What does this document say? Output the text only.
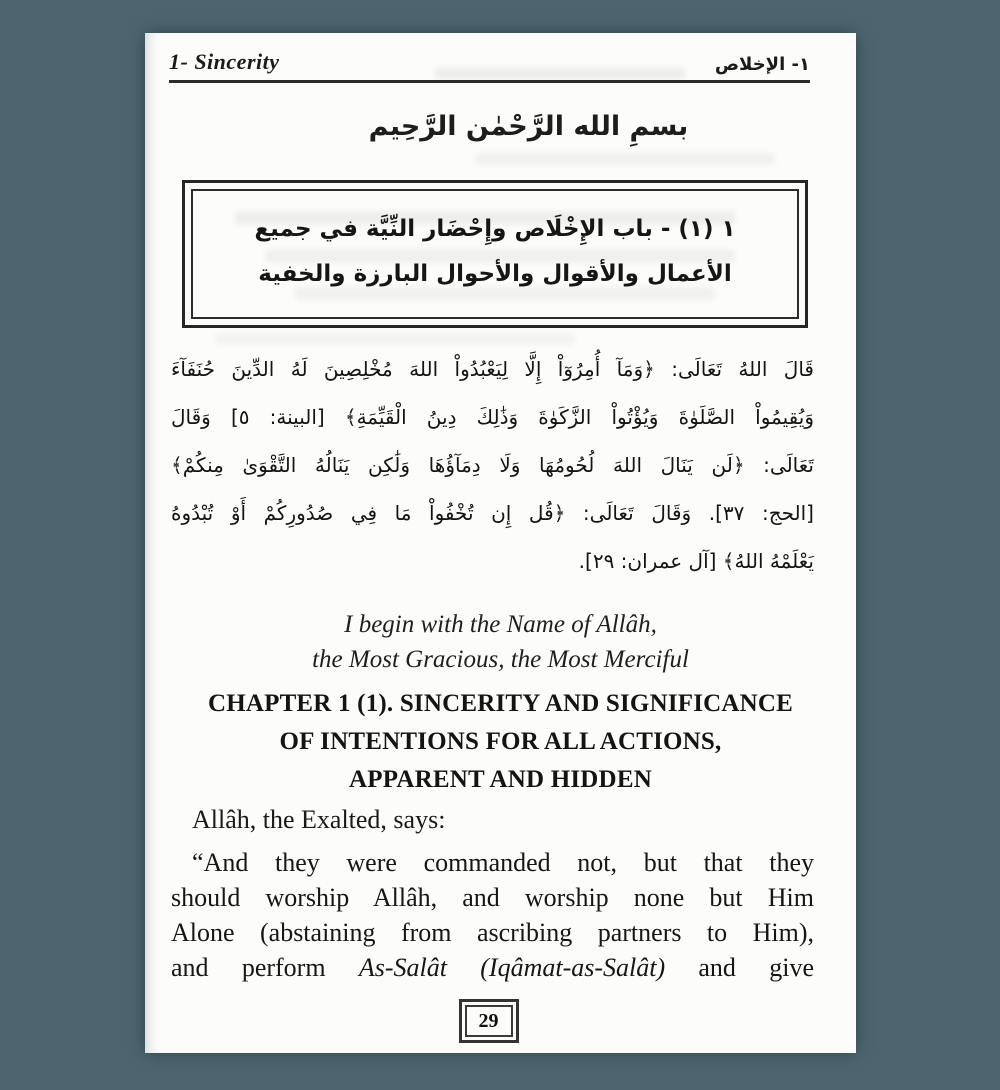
1- Sincerity	١- الإخلاص
بسمِ الله الرَّحْمٰن الرَّحِيم
١ (١) - باب الإِخْلَاص وإِحْضَار النِّيَّة في جميع
الأعمال والأقوال والأحوال البارزة والخفية
قَالَ اللهُ تَعَالَى: ﴿وَمَآ أُمِرُوٓاْ إِلَّا لِيَعْبُدُواْ اللهَ مُخْلِصِينَ لَهُ الدِّينَ حُنَفَآءَ
وَيُقِيمُواْ الصَّلَوٰةَ وَيُؤْتُواْ الزَّكَوٰةَ وَذَٰلِكَ دِينُ الْقَيِّمَةِ﴾ [البينة: ٥] وَقَالَ
تَعَالَى: ﴿لَن يَنَالَ اللهَ لُحُومُهَا وَلَا دِمَآؤُهَا وَلَٰكِن يَنَالُهُ التَّقْوَىٰ مِنكُمْ﴾
[الحج: ٣٧]. وَقَالَ تَعَالَى: ﴿قُل إِن تُخْفُواْ مَا فِي صُدُورِكُمْ أَوْ تُبْدُوهُ
يَعْلَمْهُ اللهُ﴾ [آل عمران: ٢٩].
I begin with the Name of Allâh,
the Most Gracious, the Most Merciful
CHAPTER 1 (1). SINCERITY AND SIGNIFICANCE
OF INTENTIONS FOR ALL ACTIONS,
APPARENT AND HIDDEN

Allâh, the Exalted, says:

“And they were commanded not, but that they
should worship Allâh, and worship none but Him
Alone (abstaining from ascribing partners to Him),
and perform As-Salât (Iqâmat-as-Salât) and give
29
